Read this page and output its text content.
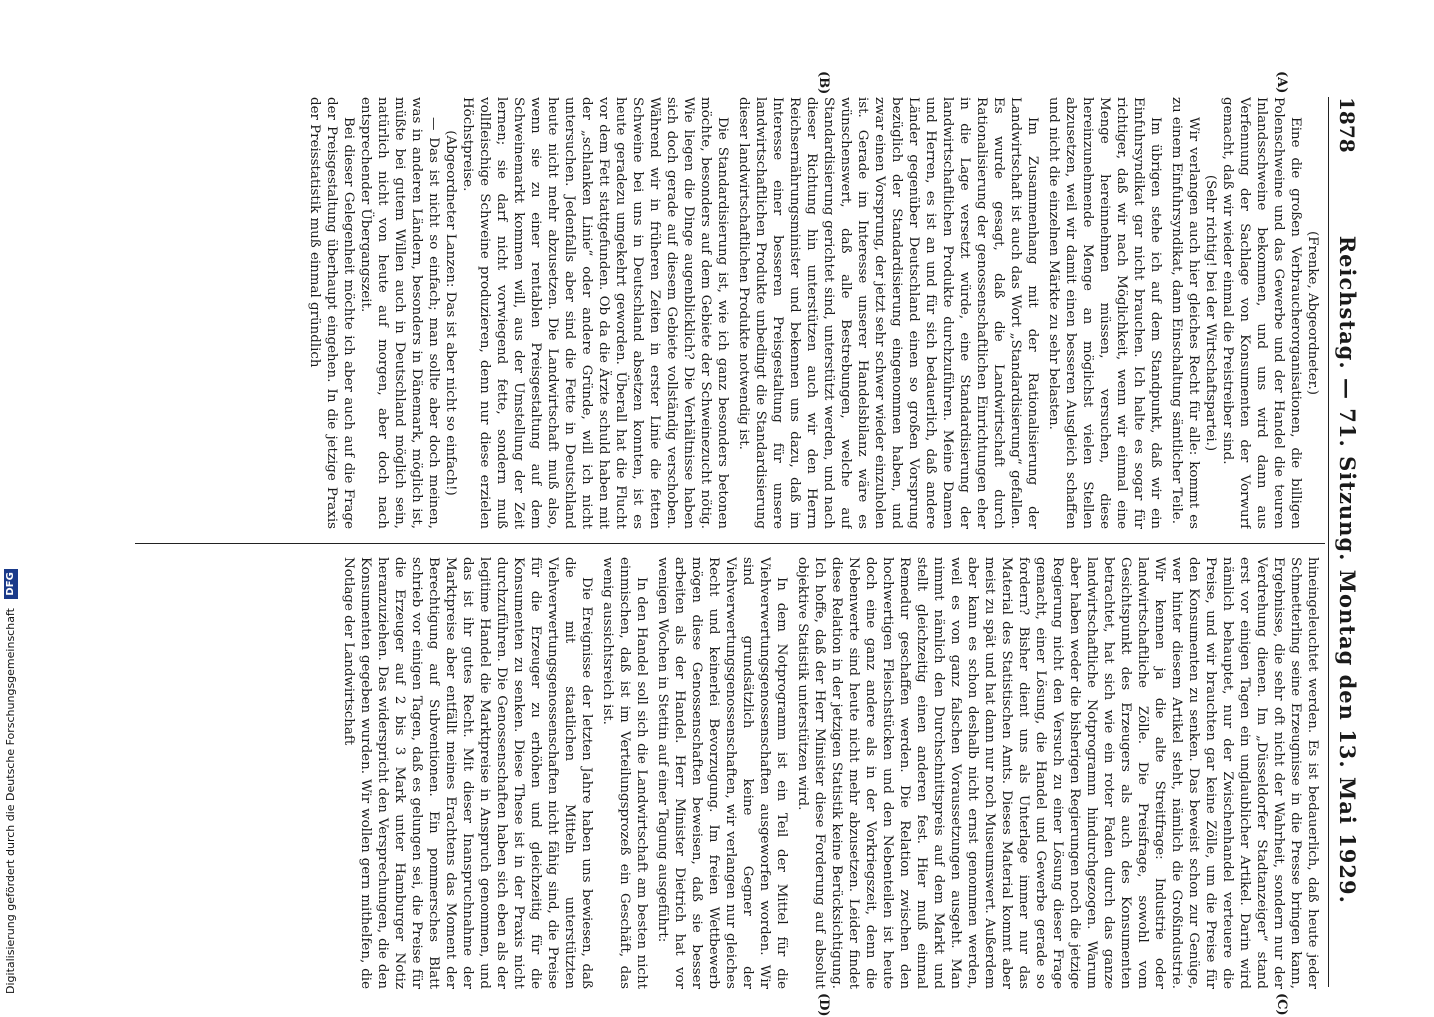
1878
Reichstag. — 71. Sitzung. Montag den 13. Mai 1929.
(A)
(B)
(C)
(D)

(Frenke, Abgeordneter.)

Eine die großen Verbraucherorganisationen, die billigen Polenschweine und das Gewerbe und der Handel die teuren Inlandsschweine bekommen, und uns wird dann aus Verfennung der Sachlage von Konsumenten der Vorwurf gemacht, daß wir wieder einmal die Preistreiber sind.

(Sehr richtig! bei der Wirtschaftspartei.)

Wir verlangen auch hier gleiches Recht für alle: kommt es zu einem Einfuhrsyndikat, dann Einschaltung sämtlicher Teile.

Im übrigen stehe ich auf dem Standpunkt, daß wir ein Einfuhrsyndikat gar nicht brauchen. Ich halte es sogar für richtiger, daß wir nach Möglichkeit, wenn wir einmal eine Menge hereinnehmen müssen, versuchen, diese hereinzunehmende Menge an möglichst vielen Stellen abzusetzen, weil wir damit einen besseren Ausgleich schaffen und nicht die einzelnen Märkte zu sehr belasten.

Im Zusammenhang mit der Rationalisierung der Landwirtschaft ist auch das Wort „Standardisierung“ gefallen. Es wurde gesagt, daß die Landwirtschaft durch Rationalisierung der genossenschaftlichen Einrichtungen eher in die Lage versetzt würde, eine Standardisierung der landwirtschaftlichen Produkte durchzuführen. Meine Damen und Herren, es ist an und für sich bedauerlich, daß andere Länder gegenüber Deutschland einen so großen Vorsprung bezüglich der Standardisierung eingenommen haben, und zwar einen Vorsprung, der jetzt sehr schwer wieder einzuholen ist. Gerade im Interesse unserer Handelsbilanz wäre es wünschenswert, daß alle Bestrebungen, welche auf Standardisierung gerichtet sind, unterstützt werden, und nach dieser Richtung hin unterstützen auch wir den Herrn Reichsernährungsminister und bekennen uns dazu, daß im Interesse einer besseren Preisgestaltung für unsere landwirtschaftlichen Produkte unbedingt die Standardisierung dieser landwirtschaftlichen Produkte notwendig ist.

Die Standardisierung ist, wie ich ganz besonders betonen möchte, besonders auf dem Gebiete der Schweinezucht nötig. Wie liegen die Dinge augenblicklich? Die Verhältnisse haben sich doch gerade auf diesem Gebiete vollständig verschoben. Während wir in früheren Zeiten in erster Linie die fetten Schweine bei uns in Deutschland absetzen konnten, ist es heute geradezu umgekehrt geworden. Überall hat die Flucht vor dem Fett stattgefunden. Ob da die Ärzte schuld haben mit der „schlanken Linie“ oder andere Gründe, will ich nicht untersuchen. Jedenfalls aber sind die Fette in Deutschland heute nicht mehr abzusetzen. Die Landwirtschaft muß also, wenn sie zu einer rentablen Preisgestaltung auf dem Schweinemarkt kommen will, aus der Umstellung der Zeit lernen; sie darf nicht vorwiegend fette, sondern muß vollfleischige Schweine produzieren, denn nur diese erzielen Höchstpreise.

(Abgeordneter Lanzen: Das ist aber nicht so einfach!)

— Das ist nicht so einfach; man sollte aber doch meinen, was in anderen Ländern, besonders in Dänemark, möglich ist, müßte bei gutem Willen auch in Deutschland möglich sein, natürlich nicht von heute auf morgen, aber doch nach entsprechender Übergangszeit.

Bei dieser Gelegenheit möchte ich aber auch auf die Frage der Preisgestaltung überhaupt eingehen. In die jetzige Praxis der Preisstatistik muß einmal gründlich

hineingeleuchtet werden. Es ist bedauerlich, daß heute jeder Schmetterling seine Erzeugnisse in die Presse bringen kann, Ergebnisse, die sehr oft nicht der Wahrheit, sondern nur der Verdrehung dienen. Im „Düsseldorfer Stadtanzeiger“ stand erst vor einigen Tagen ein unglaublicher Artikel. Darin wird nämlich behauptet, nur der Zwischenhandel verteuere die Preise, und wir brauchten gar keine Zölle, um die Preise für den Konsumenten zu senken. Das beweist schon zur Genüge, wer hinter diesem Artikel steht, nämlich die Großindustrie. Wir kennen ja die alte Streitfrage: Industrie oder landwirtschaftliche Zölle. Die Preisfrage, sowohl vom Gesichtspunkt des Erzeugers als auch des Konsumenten betrachtet, hat sich wie ein roter Faden durch das ganze landwirtschaftliche Notprogramm hindurchgezogen. Warum aber haben weder die bisherigen Regierungen noch die jetzige Regierung nicht den Versuch zu einer Lösung dieser Frage gemacht, einer Lösung, die Handel und Gewerbe gerade so fordern? Bisher dient uns als Unterlage immer nur das Material des Statistischen Amts. Dieses Material kommt aber meist zu spät und hat dann nur noch Museumswert. Außerdem aber kann es schon deshalb nicht ernst genommen werden, weil es von ganz falschen Voraussetzungen ausgeht. Man nimmt nämlich den Durchschnittspreis auf dem Markt und stellt gleichzeitig einen anderen fest. Hier muß einmal Remedur geschaffen werden. Die Relation zwischen den hochwertigen Fleischstücken und den Nebenteilen ist heute doch eine ganz andere als in der Vorkriegszeit, denn die Nebenwerte sind heute nicht mehr abzusetzen. Leider findet diese Relation in der jetzigen Statistik keine Berücksichtigung. Ich hoffe, daß der Herr Minister diese Forderung auf absolut objektive Statistik unterstützen wird.

In dem Notprogramm ist ein Teil der Mittel für die Viehverwertungsgenossenschaften ausgeworfen worden. Wir sind grundsätzlich keine Gegner der Viehverwertungsgenossenschaften, wir verlangen nur gleiches Recht und keinerlei Bevorzugung. Im freien Wettbewerb mögen diese Genossenschaften beweisen, daß sie besser arbeiten als der Handel. Herr Minister Dietrich hat vor wenigen Wochen in Stettin auf einer Tagung ausgeführt:

In den Handel soll sich die Landwirtschaft am besten nicht einmischen, daß ist im Verteilungsprozeß ein Geschäft, das wenig aussichtsreich ist.

Die Ereignisse der letzten Jahre haben uns bewiesen, daß die mit staatlichen Mitteln unterstützten Viehverwertungsgenossenschaften nicht fähig sind, die Preise für die Erzeuger zu erhöhen und gleichzeitig für die Konsumenten zu senken. Diese These ist in der Praxis nicht durchzuführen. Die Genossenschaften haben sich eben als der legitime Handel die Marktpreise in Anspruch genommen, und das ist ihr gutes Recht. Mit dieser Inanspruchnahme der Marktpreise aber entfällt meines Erachtens das Moment der Berechtigung auf Subventionen. Ein pommersches Blatt schrieb vor einigen Tagen, daß es gelungen sei, die Preise für die Erzeuger auf 2 bis 3 Mark unter Hamburger Notiz heranzuziehen. Das widerspricht den Versprechungen, die den Konsumenten gegeben wurden. Wir wollen gern mithelfen, die Notlage der Landwirtschaft

Digitalisierung gefördert durch die Deutsche Forschungsgemeinschaft DFG
